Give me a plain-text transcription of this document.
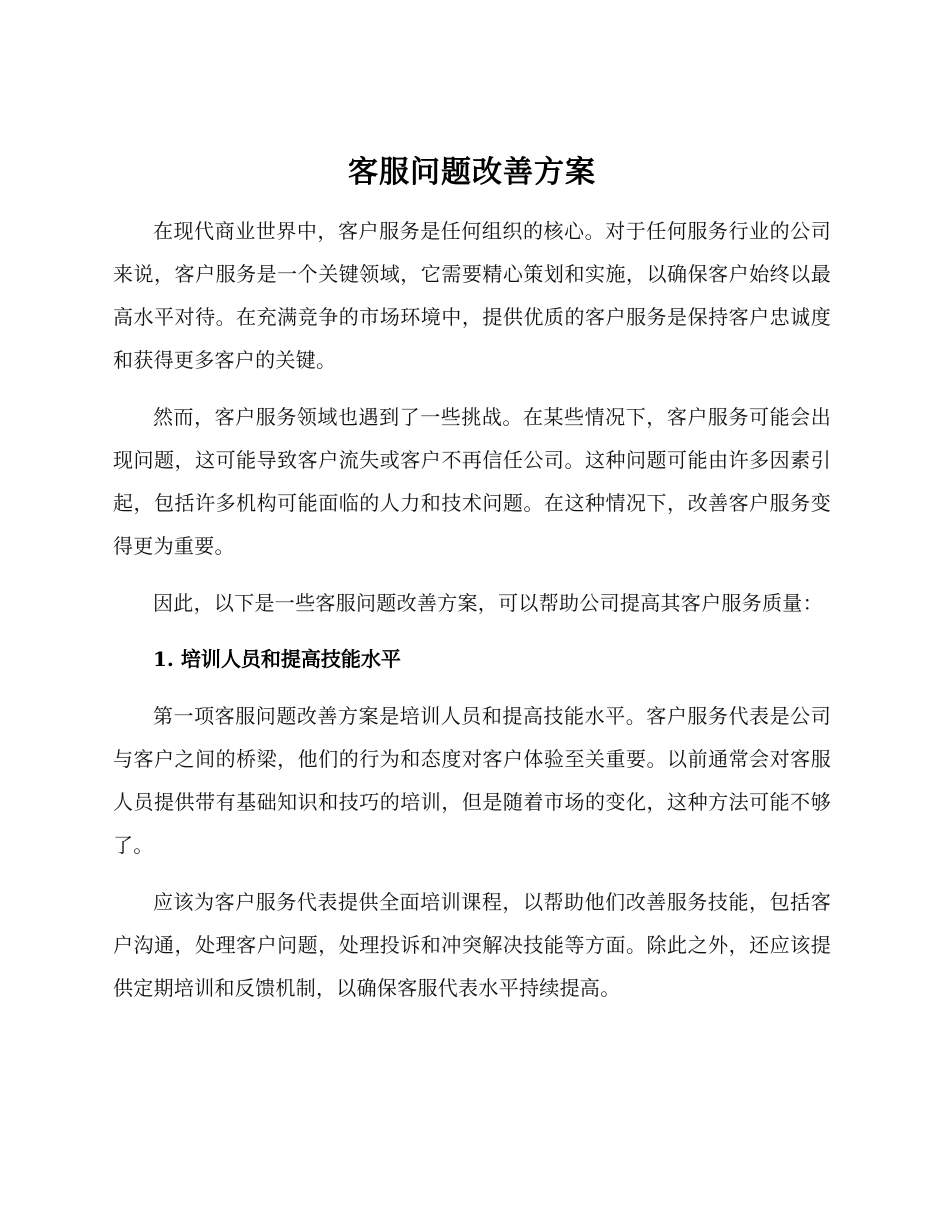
客服问题改善方案

在现代商业世界中，客户服务是任何组织的核心。对于任何服务行业的公司来说，客户服务是一个关键领域，它需要精心策划和实施，以确保客户始终以最高水平对待。在充满竞争的市场环境中，提供优质的客户服务是保持客户忠诚度和获得更多客户的关键。

然而，客户服务领域也遇到了一些挑战。在某些情况下，客户服务可能会出现问题，这可能导致客户流失或客户不再信任公司。这种问题可能由许多因素引起，包括许多机构可能面临的人力和技术问题。在这种情况下，改善客户服务变得更为重要。

因此，以下是一些客服问题改善方案，可以帮助公司提高其客户服务质量：

1. 培训人员和提高技能水平

第一项客服问题改善方案是培训人员和提高技能水平。客户服务代表是公司与客户之间的桥梁，他们的行为和态度对客户体验至关重要。以前通常会对客服人员提供带有基础知识和技巧的培训，但是随着市场的变化，这种方法可能不够了。

应该为客户服务代表提供全面培训课程，以帮助他们改善服务技能，包括客户沟通，处理客户问题，处理投诉和冲突解决技能等方面。除此之外，还应该提供定期培训和反馈机制，以确保客服代表水平持续提高。
